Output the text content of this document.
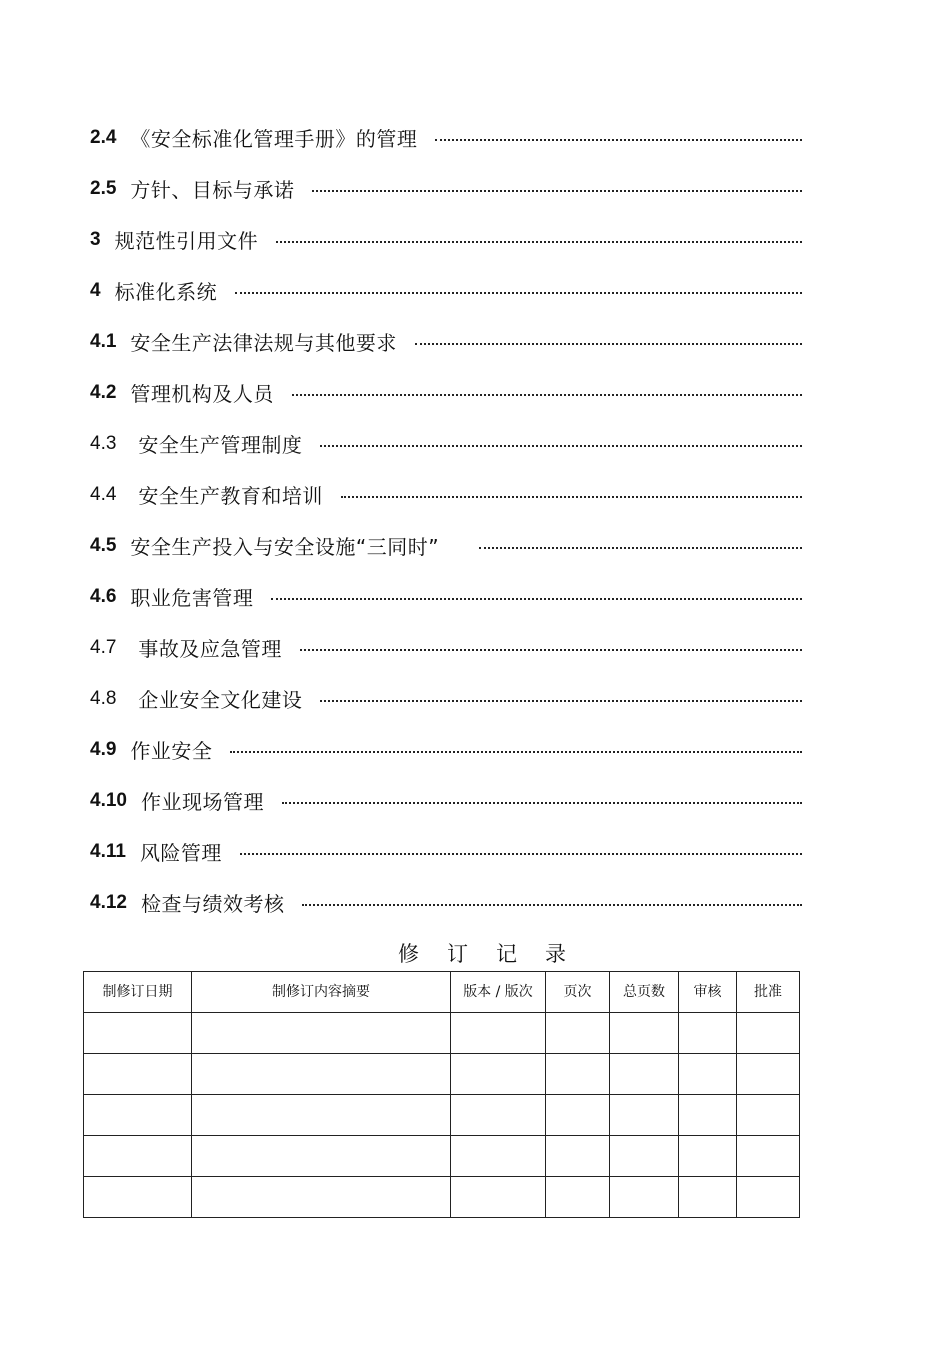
2.4 《安全标准化管理手册》的管理
2.5 方针、目标与承诺
3 规范性引用文件
4 标准化系统
4.1 安全生产法律法规与其他要求
4.2 管理机构及人员
4.3 安全生产管理制度
4.4 安全生产教育和培训
4.5 安全生产投入与安全设施“三同时”
4.6 职业危害管理
4.7 事故及应急管理
4.8 企业安全文化建设
4.9 作业安全
4.10 作业现场管理
4.11 风险管理
4.12 检查与绩效考核
修订记录
制修订日期	制修订内容摘要	版本 / 版次	页次	总页数	审核	批准
